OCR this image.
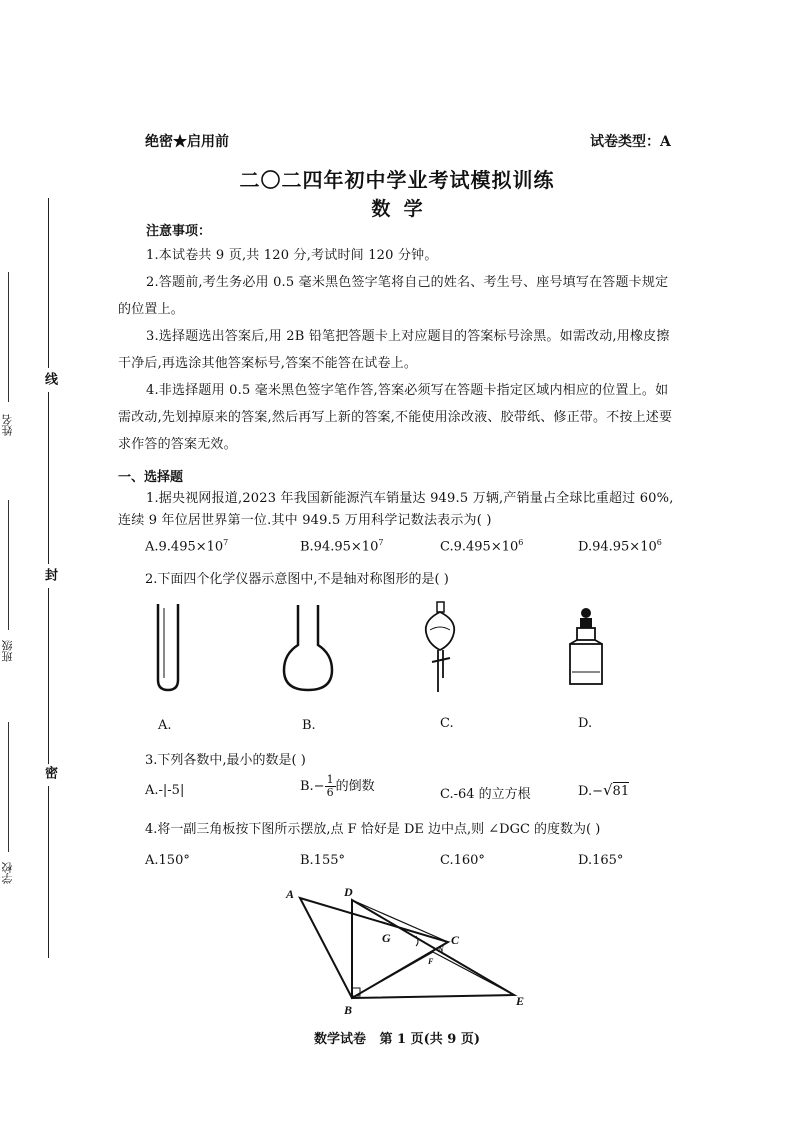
线
封
密
姓名
班级
学校
绝密★启用前	试卷类型：A
二〇二四年初中学业考试模拟训练
数  学
注意事项：
1.本试卷共 9 页,共 120 分,考试时间 120 分钟。
2.答题前,考生务必用 0.5 毫米黑色签字笔将自己的姓名、考生号、座号填写在答题卡规定的位置上。
3.选择题选出答案后,用 2B 铅笔把答题卡上对应题目的答案标号涂黑。如需改动,用橡皮擦干净后,再选涂其他答案标号,答案不能答在试卷上。
4.非选择题用 0.5 毫米黑色签字笔作答,答案必须写在答题卡指定区域内相应的位置上。如需改动,先划掉原来的答案,然后再写上新的答案,不能使用涂改液、胶带纸、修正带。不按上述要求作答的答案无效。
一、选择题
1.据央视网报道,2023 年我国新能源汽车销量达 949.5 万辆,产销量占全球比重超过 60%,连续 9 年位居世界第一位.其中 949.5 万用科学记数法表示为( )
$A.9.495\times 10^7$	$B.94.95\times 10^7$	$C.9.495\times 10^6$	$D.94.95\times 10^6$
2.下面四个化学仪器示意图中,不是轴对称图形的是( )
A.	B.	C.	D.
3.下列各数中,最小的数是( )
A.-|-5|	$B.- \frac{1}{6}$ 的倒数
C.-64 的立方根	D.−√81
4.将一副三角板按下图所示摆放,点 F 恰好是 DE 边中点,则 ∠DGC 的度数为( )
A.150°	B.155°	C.160°	D.165°
A	D
G	C
N
F
B
E
数学试卷   第 1 页(共 9 页)
